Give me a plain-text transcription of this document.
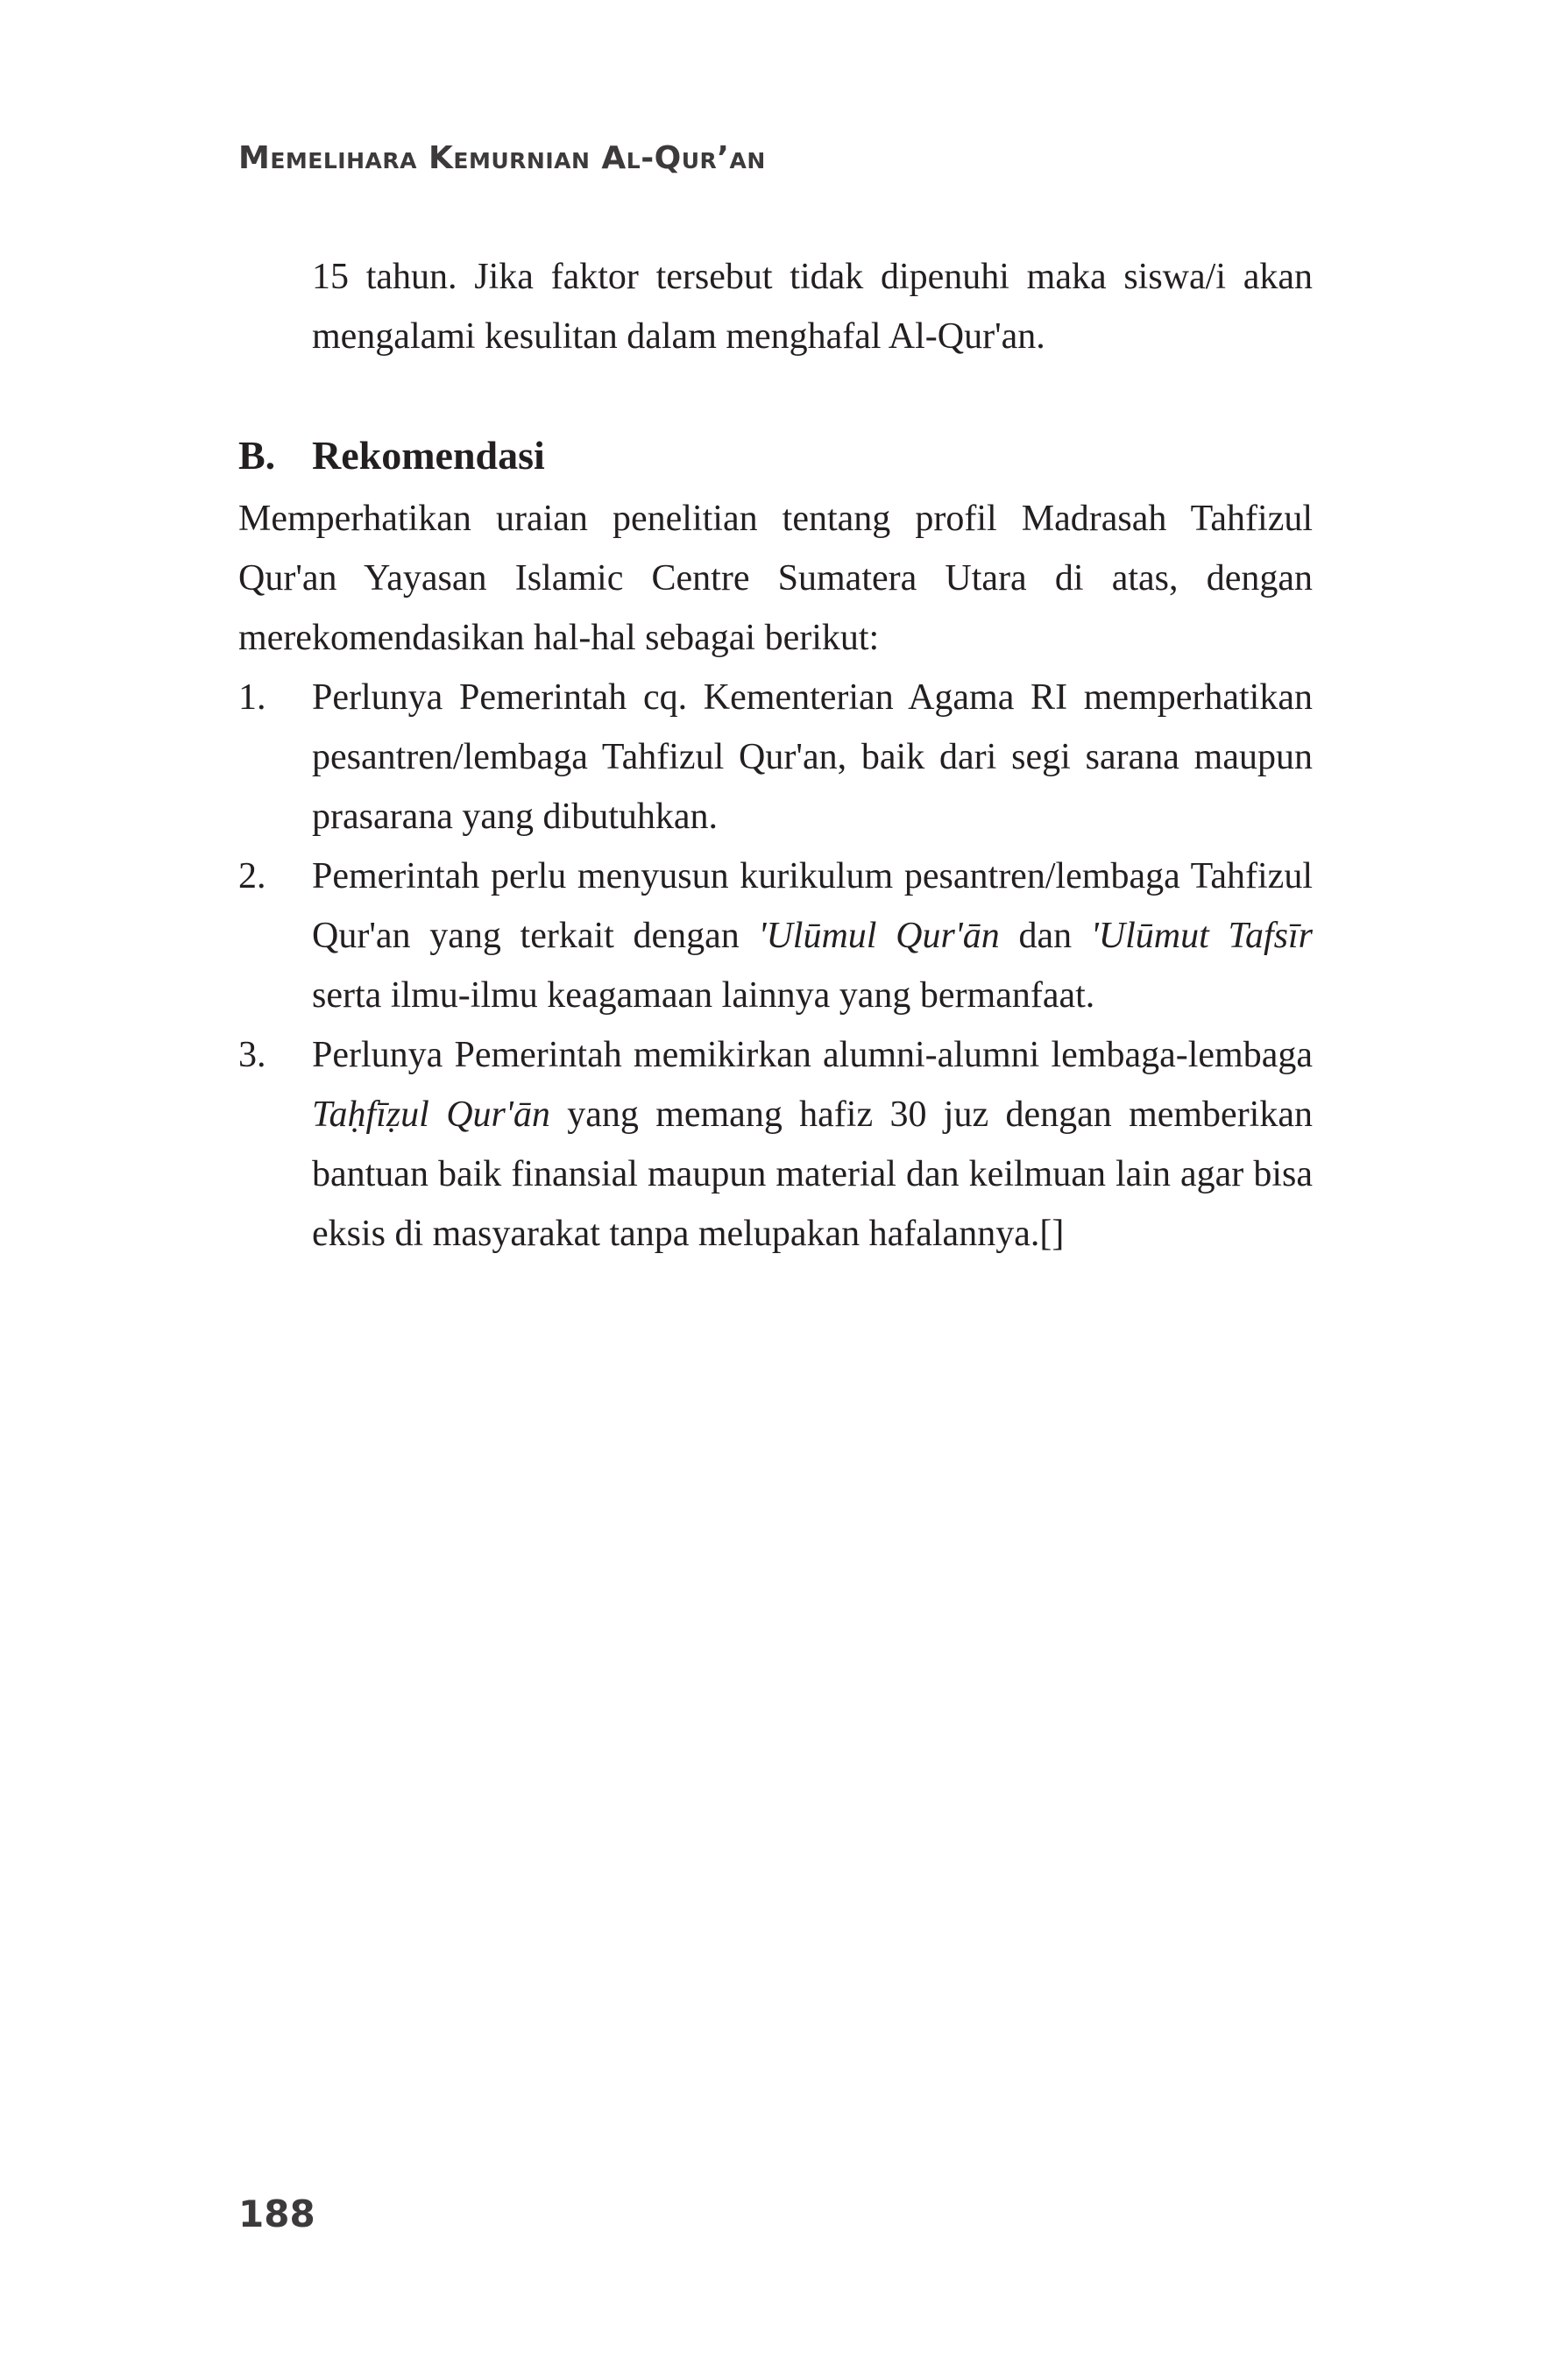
Memelihara Kemurnian Al-Qur’an

15 tahun. Jika faktor tersebut tidak dipenuhi maka siswa/i akan mengalami kesulitan dalam menghafal Al-Qur'an.

B. Rekomendasi

Memperhatikan uraian penelitian tentang profil Madrasah Tahfizul Qur'an Yayasan Islamic Centre Sumatera Utara di atas, dengan merekomendasikan hal-hal sebagai berikut:

1.	Perlunya Pemerintah cq. Kementerian Agama RI memperhatikan pesantren/lembaga Tahfizul Qur'an, baik dari segi sarana maupun prasarana yang dibutuhkan.
2.	Pemerintah perlu menyusun kurikulum pesantren/lembaga Tahfizul Qur'an yang terkait dengan 'Ulūmul Qur'ān dan 'Ulūmut Tafsīr serta ilmu-ilmu keagamaan lainnya yang bermanfaat.
3.	Perlunya Pemerintah memikirkan alumni-alumni lembaga-lembaga Taḥfīẓul Qur'ān yang memang hafiz 30 juz dengan memberikan bantuan baik finansial maupun material dan keilmuan lain agar bisa eksis di masyarakat tanpa melupakan hafalannya.[]

188
